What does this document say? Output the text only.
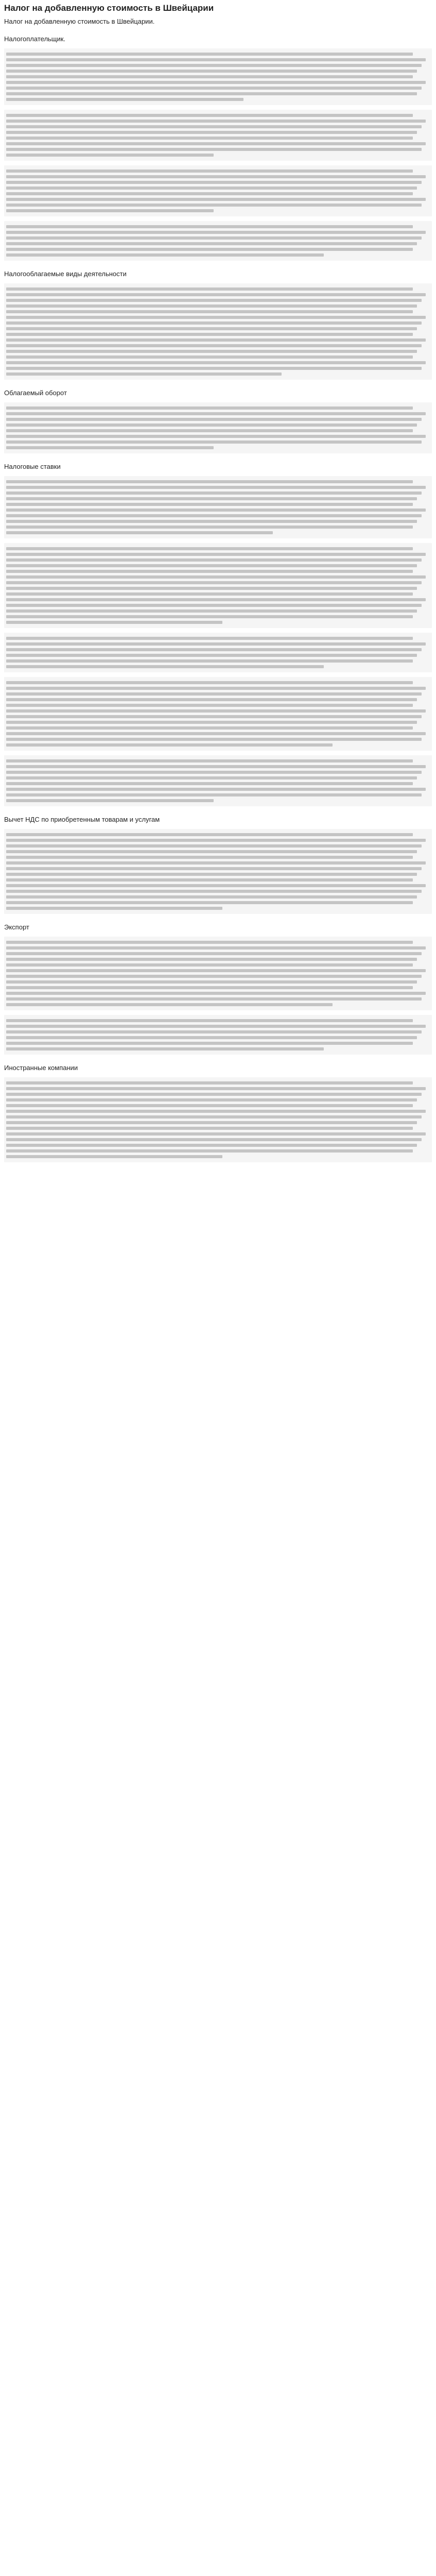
Налог на добавленную стоимость в Швейцарии
Налог на добавленную стоимость в Швейцарии.
Налогоплательщик.
Налогооблагаемые виды деятельности
Облагаемый оборот
Налоговые ставки
Вычет НДС по приобретенным товарам и услугам
Экспорт
Иностранные компании
